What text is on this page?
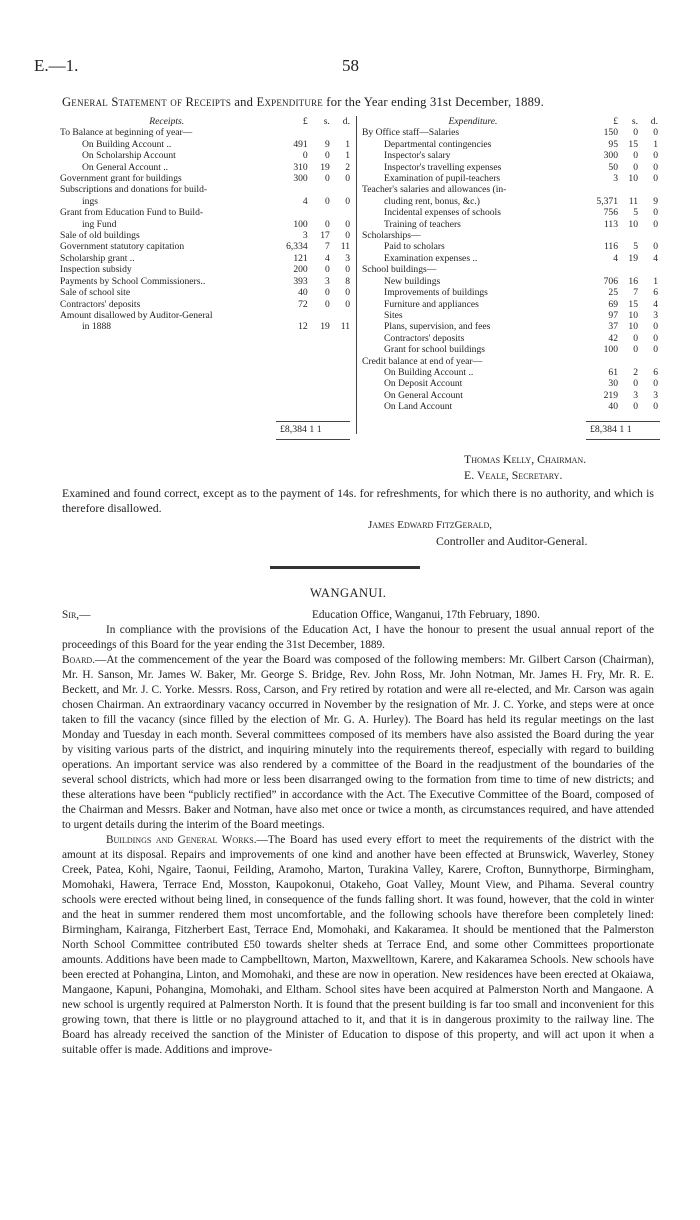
E.—1.	58
General Statement of Receipts and Expenditure for the Year ending 31st December, 1889.
Receipts.	£	s.	d.
To Balance at beginning of year—			
On Building Account ..	491	9	1
On Scholarship Account	0	0	1
On General Account ..	310	19	2
Government grant for buildings	300	0	0
Subscriptions and donations for build-			
ings	4	0	0
Grant from Education Fund to Build-			
ing Fund	100	0	0
Sale of old buildings	3	17	0
Government statutory capitation	6,334	7	11
Scholarship grant ..	121	4	3
Inspection subsidy	200	0	0
Payments by School Commissioners..	393	3	8
Sale of school site	40	0	0
Contractors' deposits	72	0	0
Amount disallowed by Auditor-General			
in 1888	12	19	11
Expenditure.	£	s.	d.
By Office staff—Salaries	150	0	0
Departmental contingencies	95	15	1
Inspector's salary	300	0	0
Inspector's travelling expenses	50	0	0
Examination of pupil-teachers	3	10	0
Teacher's salaries and allowances (in-			
cluding rent, bonus, &c.)	5,371	11	9
Incidental expenses of schools	756	5	0
Training of teachers	113	10	0
Scholarships—			
Paid to scholars	116	5	0
Examination expenses ..	4	19	4
School buildings—			
New buildings	706	16	1
Improvements of buildings	25	7	6
Furniture and appliances	69	15	4
Sites	97	10	3
Plans, supervision, and fees	37	10	0
Contractors' deposits	42	0	0
Grant for school buildings	100	0	0
Credit balance at end of year—			
On Building Account ..	61	2	6
On Deposit Account	30	0	0
On General Account	219	3	3
On Land Account	40	0	0
£8,384 1 1	£8,384 1 1
Thomas Kelly, Chairman.
E. Veale, Secretary.
Examined and found correct, except as to the payment of 14s. for refreshments, for which there is no authority, and which is therefore disallowed.
James Edward FitzGerald,
Controller and Auditor-General.
WANGANUI.
Sir,—	Education Office, Wanganui, 17th February, 1890.

In compliance with the provisions of the Education Act, I have the honour to present the usual annual report of the proceedings of this Board for the year ending the 31st December, 1889.

Board.—At the commencement of the year the Board was composed of the following members: Mr. Gilbert Carson (Chairman), Mr. H. Sanson, Mr. James W. Baker, Mr. George S. Bridge, Rev. John Ross, Mr. John Notman, Mr. James H. Fry, Mr. R. E. Beckett, and Mr. J. C. Yorke. Messrs. Ross, Carson, and Fry retired by rotation and were all re-elected, and Mr. Carson was again chosen Chairman. An extraordinary vacancy occurred in November by the resignation of Mr. J. C. Yorke, and steps were at once taken to fill the vacancy (since filled by the election of Mr. G. A. Hurley). The Board has held its regular meetings on the last Monday and Tuesday in each month. Several committees composed of its members have also assisted the Board during the year by visiting various parts of the district, and inquiring minutely into the requirements thereof, especially with regard to building operations. An important service was also rendered by a committee of the Board in the readjustment of the boundaries of the several school districts, which had more or less been disarranged owing to the formation from time to time of new districts; and these alterations have been “publicly rectified” in accordance with the Act. The Executive Committee of the Board, composed of the Chairman and Messrs. Baker and Notman, have also met once or twice a month, as circumstances required, and have attended to urgent details during the interim of the Board meetings.

Buildings and General Works.—The Board has used every effort to meet the requirements of the district with the amount at its disposal. Repairs and improvements of one kind and another have been effected at Brunswick, Waverley, Stoney Creek, Patea, Kohi, Ngaire, Taonui, Feilding, Aramoho, Marton, Turakina Valley, Karere, Crofton, Bunnythorpe, Birmingham, Momohaki, Hawera, Terrace End, Mosston, Kaupokonui, Otakeho, Goat Valley, Mount View, and Pihama. Several country schools were erected without being lined, in consequence of the funds falling short. It was found, however, that the cold in winter and the heat in summer rendered them most uncomfortable, and the following schools have therefore been completely lined: Birmingham, Kairanga, Fitzherbert East, Terrace End, Momohaki, and Kakaramea. It should be mentioned that the Palmerston North School Committee contributed £50 towards shelter sheds at Terrace End, and some other Committees proportionate amounts. Additions have been made to Campbelltown, Marton, Maxwelltown, Karere, and Kakaramea Schools. New schools have been erected at Pohangina, Linton, and Momohaki, and these are now in operation. New residences have been erected at Okaiawa, Mangaone, Kapuni, Pohangina, Momohaki, and Eltham. School sites have been acquired at Palmerston North and Mangaone. A new school is urgently required at Palmerston North. It is found that the present building is far too small and inconvenient for this growing town, that there is little or no playground attached to it, and that it is in dangerous proximity to the railway line. The Board has already received the sanction of the Minister of Education to dispose of this property, and will act upon it when a suitable offer is made. Additions and improve-
